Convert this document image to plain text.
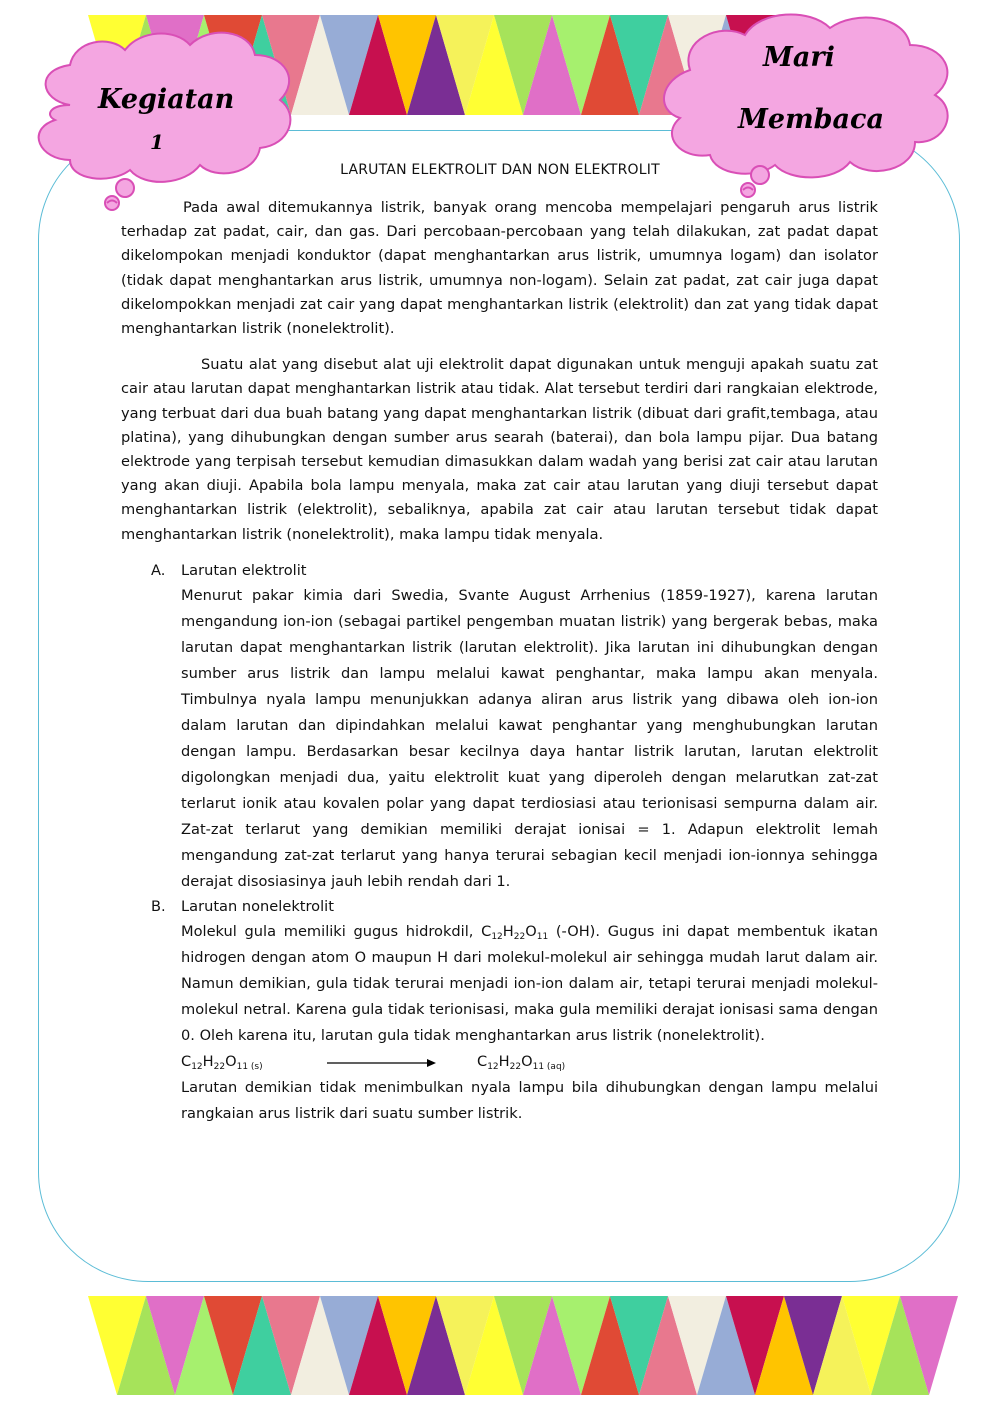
Kegiatan
1
Mari
Membaca
LARUTAN ELEKTROLIT DAN NON ELEKTROLIT

Pada awal ditemukannya listrik, banyak orang mencoba mempelajari pengaruh arus listrik terhadap zat padat, cair, dan gas. Dari percobaan-percobaan yang telah dilakukan, zat padat dapat dikelompokan menjadi konduktor (dapat menghantarkan arus listrik, umumnya logam) dan isolator (tidak dapat menghantarkan arus listrik, umumnya non-logam). Selain zat padat, zat cair juga dapat dikelompokkan menjadi zat cair yang dapat menghantarkan listrik (elektrolit) dan zat yang tidak dapat menghantarkan listrik (nonelektrolit).

Suatu alat yang disebut alat uji elektrolit dapat digunakan untuk menguji apakah suatu zat cair atau larutan dapat menghantarkan listrik atau tidak. Alat tersebut terdiri dari rangkaian elektrode, yang terbuat dari dua buah batang yang dapat menghantarkan listrik (dibuat dari grafit,tembaga, atau platina), yang dihubungkan dengan sumber arus searah (baterai), dan bola lampu pijar. Dua batang elektrode yang terpisah tersebut kemudian dimasukkan dalam wadah yang berisi zat cair atau larutan yang akan diuji. Apabila bola lampu menyala, maka zat cair atau larutan yang diuji tersebut dapat menghantarkan listrik (elektrolit), sebaliknya, apabila zat cair atau larutan tersebut tidak dapat menghantarkan listrik (nonelektrolit), maka lampu tidak menyala.

A. Larutan elektrolit

Menurut pakar kimia dari Swedia, Svante August Arrhenius (1859-1927), karena larutan mengandung ion-ion (sebagai partikel pengemban muatan listrik) yang bergerak bebas, maka larutan dapat menghantarkan listrik (larutan elektrolit). Jika larutan ini dihubungkan dengan sumber arus listrik dan lampu melalui kawat penghantar, maka lampu akan menyala. Timbulnya nyala lampu menunjukkan adanya aliran arus listrik yang dibawa oleh ion-ion dalam larutan dan dipindahkan melalui kawat penghantar yang menghubungkan larutan dengan lampu. Berdasarkan besar kecilnya daya hantar listrik larutan, larutan elektrolit digolongkan menjadi dua, yaitu elektrolit kuat yang diperoleh dengan melarutkan zat-zat terlarut ionik atau kovalen polar yang dapat terdiosiasi atau terionisasi sempurna dalam air. Zat-zat terlarut yang demikian memiliki derajat ionisai = 1. Adapun elektrolit lemah mengandung zat-zat terlarut yang hanya terurai sebagian kecil menjadi ion-ionnya sehingga derajat disosiasinya jauh lebih rendah dari 1.

B. Larutan nonelektrolit

Molekul gula memiliki gugus hidrokdil, $C_{12}H_{22}O_{11}$ (-OH). Gugus ini dapat membentuk ikatan hidrogen dengan atom O maupun H dari molekul-molekul air sehingga mudah larut dalam air. Namun demikian, gula tidak terurai menjadi ion-ion dalam air, tetapi terurai menjadi molekul-molekul netral. Karena gula tidak terionisasi, maka gula memiliki derajat ionisasi sama dengan 0. Oleh karena itu, larutan gula tidak menghantarkan arus listrik (nonelektrolit).

$C_{12}H_{22}O_{11 (s)}$	$C_{12}H_{22}O_{11 (aq)}$

Larutan demikian tidak menimbulkan nyala lampu bila dihubungkan dengan lampu melalui rangkaian arus listrik dari suatu sumber listrik.
